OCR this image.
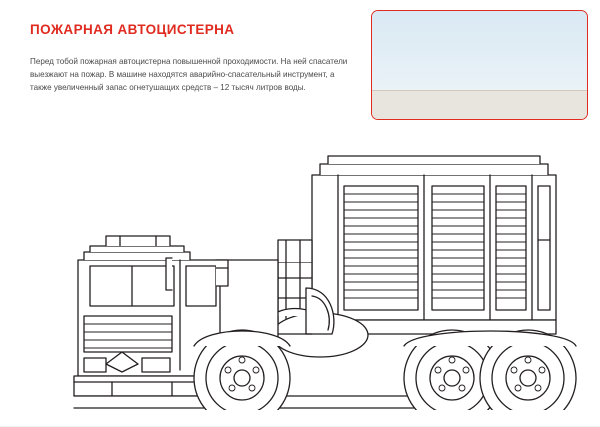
ПОЖАРНАЯ АВТОЦИСТЕРНА
Перед тобой пожарная автоцистерна повышенной проходимости. На ней спасатели выезжают на пожар. В машине находятся аварийно-спасательный инструмент, а также увеличенный запас огнетушащих средств – 12 тысяч литров воды.
